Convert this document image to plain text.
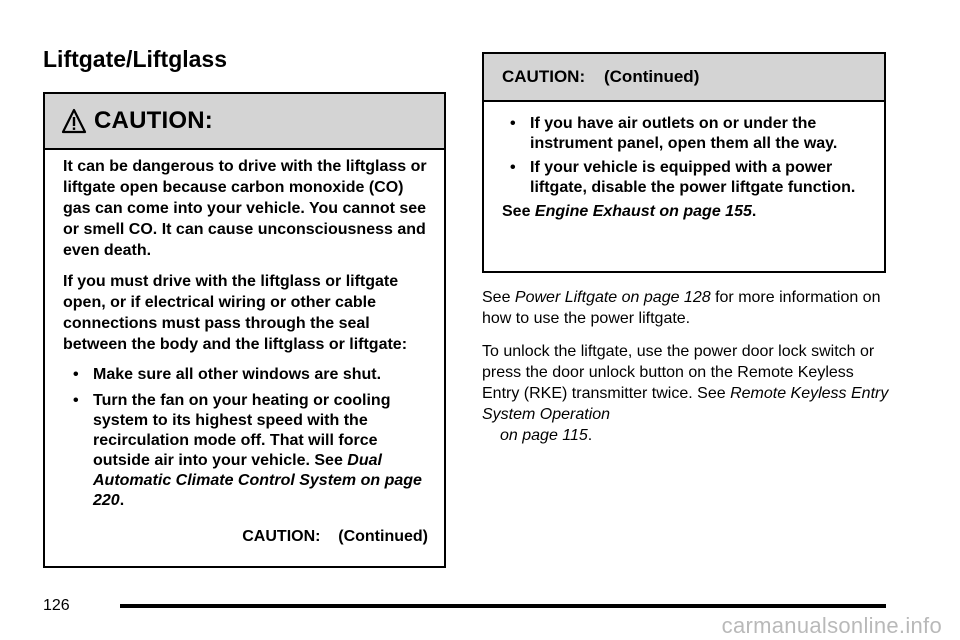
Liftgate/Liftglass
CAUTION:

It can be dangerous to drive with the liftglass or liftgate open because carbon monoxide (CO) gas can come into your vehicle. You cannot see or smell CO. It can cause unconsciousness and even death.

If you must drive with the liftglass or liftgate open, or if electrical wiring or other cable connections must pass through the seal between the body and the liftglass or liftgate:

• Make sure all other windows are shut.
• Turn the fan on your heating or cooling system to its highest speed with the recirculation mode off. That will force outside air into your vehicle. See Dual Automatic Climate Control System on page 220.
CAUTION:    (Continued)
CAUTION:    (Continued)
• If you have air outlets on or under the instrument panel, open them all the way.
• If your vehicle is equipped with a power liftgate, disable the power liftgate function.
See Engine Exhaust on page 155.

See Power Liftgate on page 128 for more information on how to use the power liftgate.

To unlock the liftgate, use the power door lock switch or press the door unlock button on the Remote Keyless Entry (RKE) transmitter twice. See Remote Keyless Entry System Operation
on page 115.

126
carmanualsonline.info
